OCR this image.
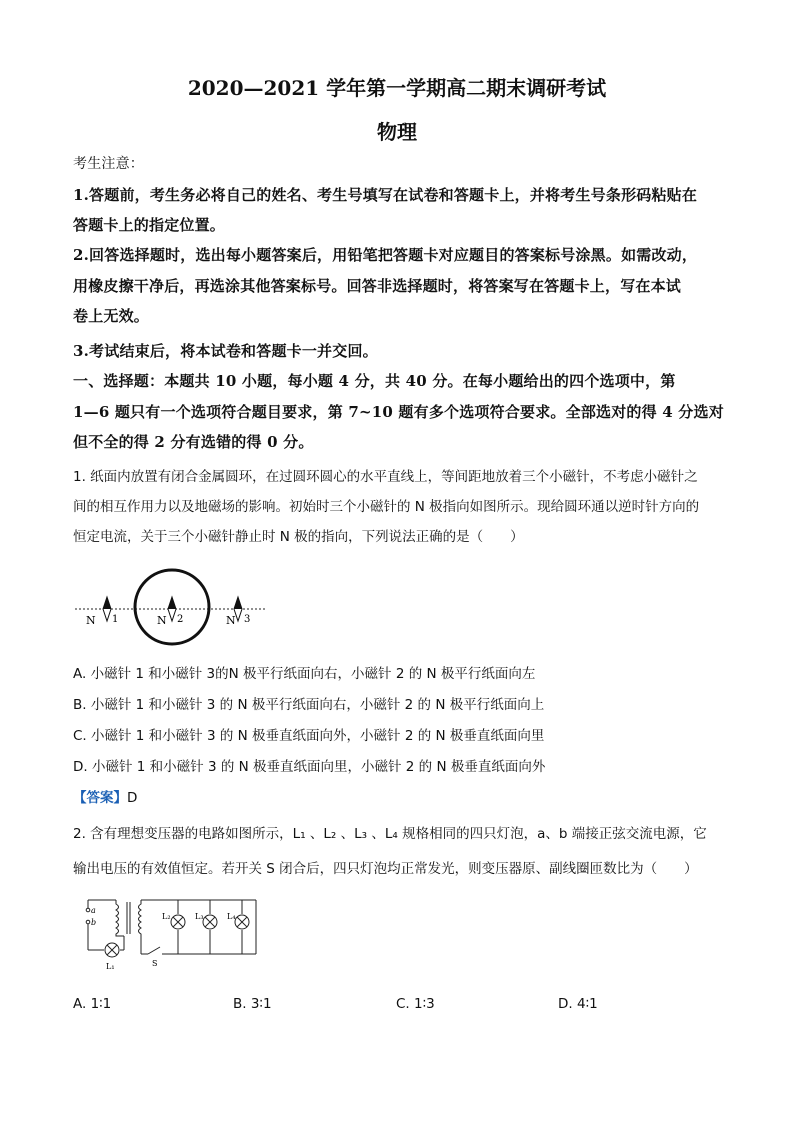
2020—2021 学年第一学期高二期末调研考试
物理
考生注意：
1.答题前，考生务必将自己的姓名、考生号填写在试卷和答题卡上，并将考生号条形码粘贴在
答题卡上的指定位置。
2.回答选择题时，选出每小题答案后，用铅笔把答题卡对应题目的答案标号涂黑。如需改动，
用橡皮擦干净后，再选涂其他答案标号。回答非选择题时，将答案写在答题卡上，写在本试
卷上无效。
3.考试结束后，将本试卷和答题卡一并交回。
一、选择题：本题共 10 小题，每小题 4 分，共 40 分。在每小题给出的四个选项中，第
1—6 题只有一个选项符合题目要求，第 7~10 题有多个选项符合要求。全部选对的得 4 分选对
但不全的得 2 分有选错的得 0 分。
1. 纸面内放置有闭合金属圆环，在过圆环圆心的水平直线上，等间距地放着三个小磁针，不考虑小磁针之
间的相互作用力以及地磁场的影响。初始时三个小磁针的 N 极指向如图所示。现给圆环通以逆时针方向的
恒定电流，关于三个小磁针静止时 N 极的指向，下列说法正确的是（　　）
N 1	N 2	N 3
A. 小磁针 1 和小磁针 3的N 极平行纸面向右，小磁针 2 的 N 极平行纸面向左
B. 小磁针 1 和小磁针 3 的 N 极平行纸面向右，小磁针 2 的 N 极平行纸面向上
C. 小磁针 1 和小磁针 3 的 N 极垂直纸面向外，小磁针 2 的 N 极垂直纸面向里
D. 小磁针 1 和小磁针 3 的 N 极垂直纸面向里，小磁针 2 的 N 极垂直纸面向外
【答案】D
2. 含有理想变压器的电路如图所示，L₁ 、L₂ 、L₃ 、L₄ 规格相同的四只灯泡，a、b 端接正弦交流电源，它
输出电压的有效值恒定。若开关 S 闭合后，四只灯泡均正常发光，则变压器原、副线圈匝数比为（　　）
a
b
L₁
L₂	L₃	L₄
S
A. 1∶1	B. 3∶1	C. 1∶3	D. 4∶1
